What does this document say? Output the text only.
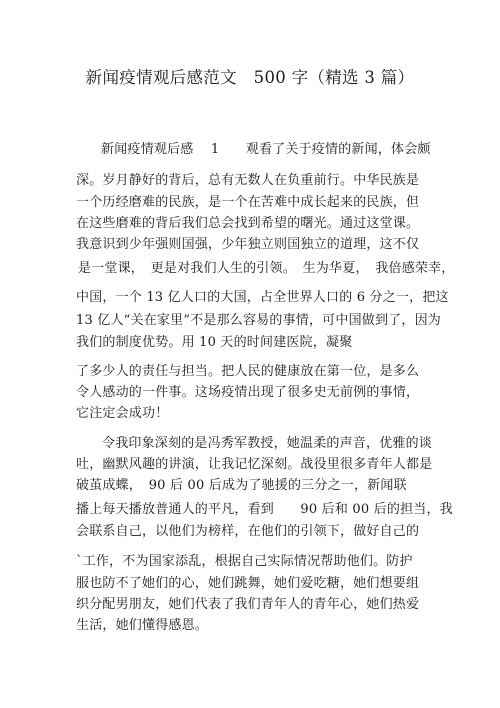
新闻疫情观后感范文　500 字（精选 3 篇）
新闻疫情观后感　 1　　观看了关于疫情的新闻，体会颇
深。岁月静好的背后，总有无数人在负重前行。中华民族是
一个历经磨难的民族，是一个在苦难中成长起来的民族，但
在这些磨难的背后我们总会找到希望的曙光。通过这堂课。
我意识到少年强则国强，少年独立则国独立的道理，这不仅
是一堂课，　更是对我们人生的引领。　生为华夏，　我倍感荣幸，
中国，一个 13 亿人口的大国，占全世界人口的 6 分之一，把这
13 亿人“关在家里”不是那么容易的事情，可中国做到了，因为
我们的制度优势。用 10 天的时间建医院，凝聚
了多少人的责任与担当。把人民的健康放在第一位，是多么
令人感动的一件事。这场疫情出现了很多史无前例的事情，
它注定会成功！
令我印象深刻的是冯秀军教授，她温柔的声音，优雅的谈
吐，幽默风趣的讲演，让我记忆深刻。战役里很多青年人都是
破茧成蝶，　90 后 00 后成为了驰援的三分之一，新闻联
播上每天播放普通人的平凡，看到　　90 后和 00 后的担当，我
会联系自己，以他们为榜样，在他们的引领下，做好自己的
`工作，不为国家添乱，根据自己实际情况帮助他们。防护
服也防不了她们的心，她们跳舞，她们爱吃糖，她们想要组
织分配男朋友，她们代表了我们青年人的青年心，她们热爱
生活，她们懂得感恩。
